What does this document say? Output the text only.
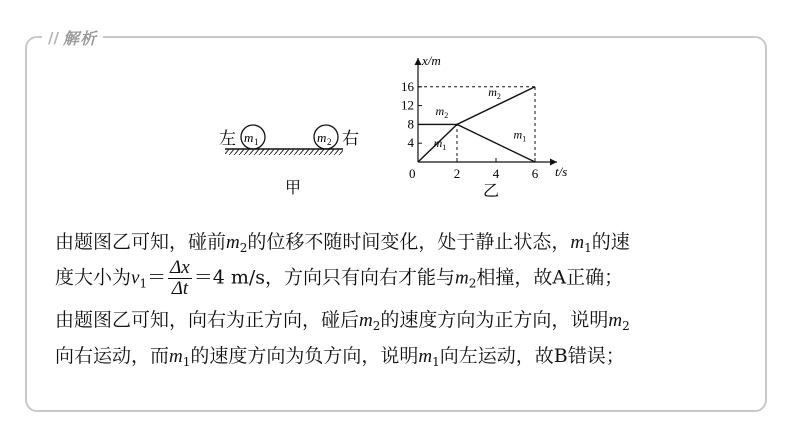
// 解析
左 m 1	m 2 右
甲
x/m
t/s
0
乙
4
8
12
16
2	4	6
$m_2$
$m_2$
$m_1$
$m_1$
由题图乙可知，碰前$m_2$的位移不随时间变化，处于静止状态，$m_1$的速
度大小为$v_1= \frac{\Delta x}{\Delta t} =4$ m/s，方向只有向右才能与$m_2$相撞，故A正确；
由题图乙可知，向右为正方向，碰后$m_2$的速度方向为正方向，说明$m_2$
向右运动，而$m_1$的速度方向为负方向，说明$m_1$向左运动，故B错误；
